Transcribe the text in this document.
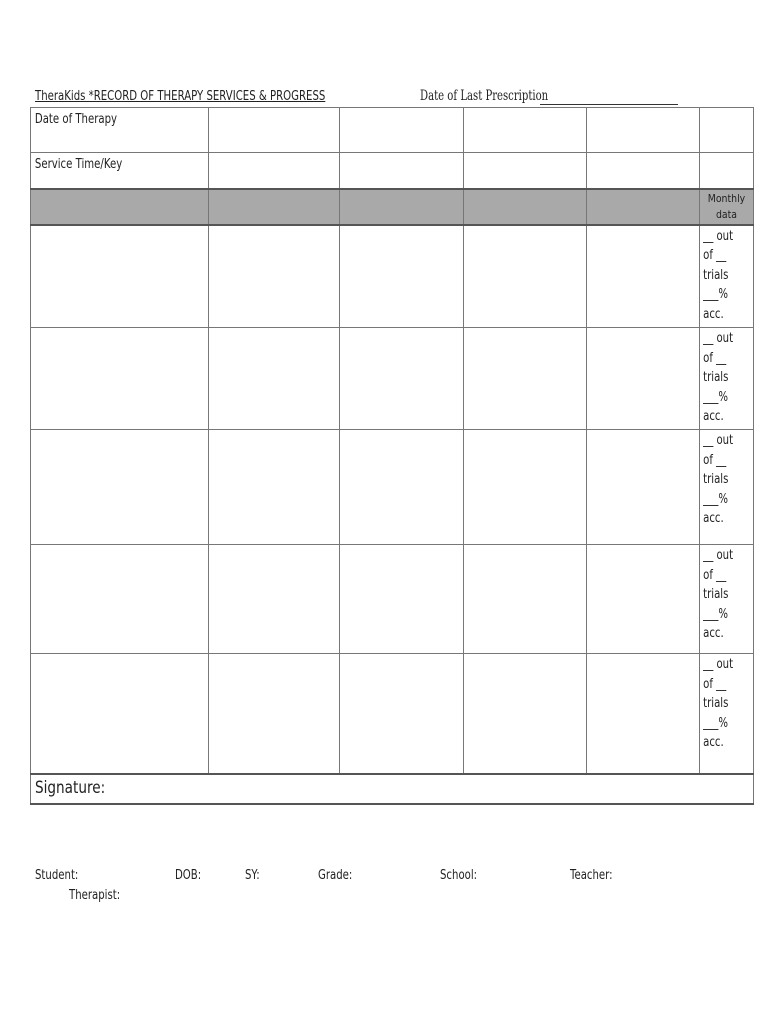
TheraKids *RECORD OF THERAPY SERVICES & PROGRESS	Date of Last Prescription
Date of Therapy					
Service Time/Key					

					Monthly data

					__ out
of __
trials
___%
acc.

					__ out
of __
trials
___%
acc.

					__ out
of __
trials
___%
acc.

					__ out
of __
trials
___%
acc.

					__ out
of __
trials
___%
acc.

Signature:					
Student:	DOB:	SY:	Grade:	School:	Teacher:
Therapist:
